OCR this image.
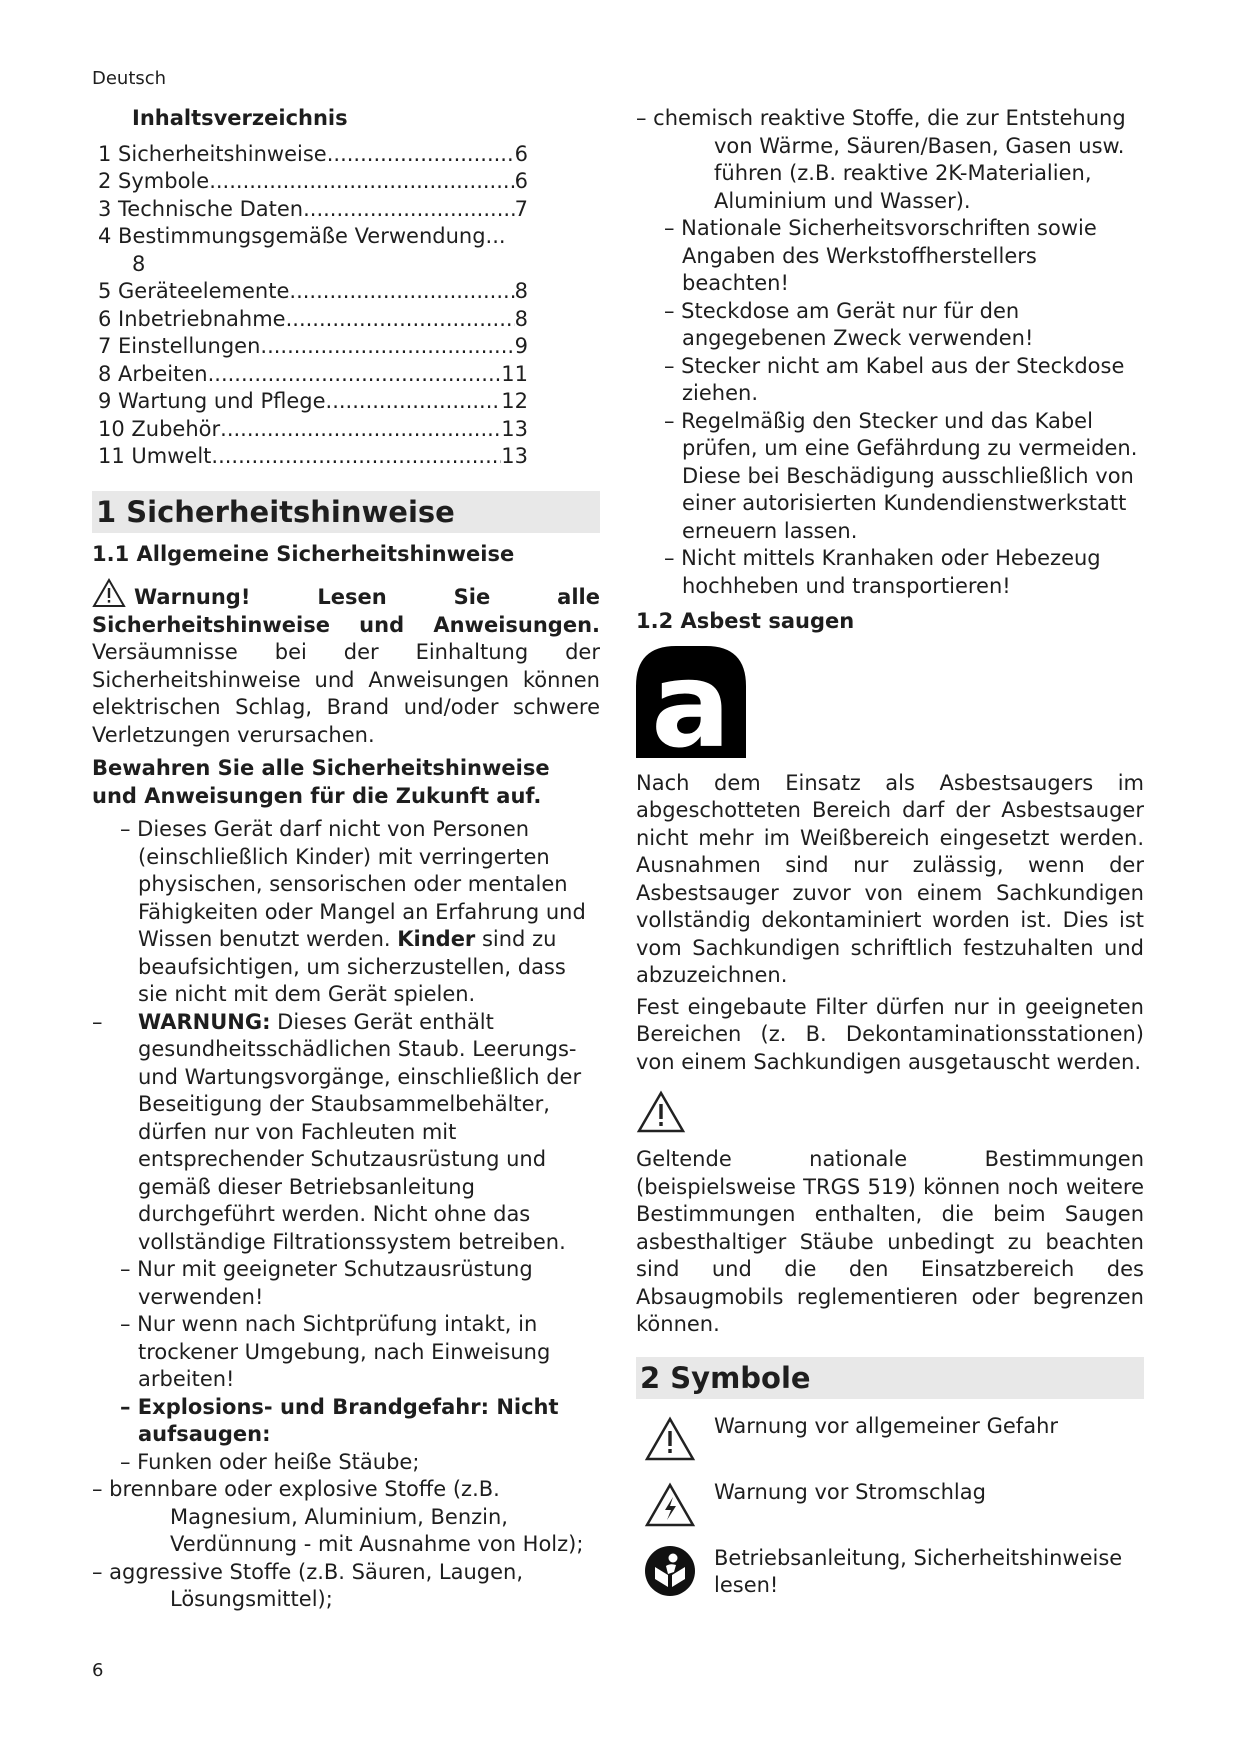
Deutsch
Inhaltsverzeichnis
1 Sicherheitshinweise .....	6
2 Symbole .....	6
3 Technische Daten .....	7
4 Bestimmungsgemäße Verwendung...
8
5 Geräteelemente .....	8
6 Inbetriebnahme .....	8
7 Einstellungen .....	9
8 Arbeiten .....	11
9 Wartung und Pflege .....	12
10 Zubehör .....	13
11 Umwelt .....	13
1 Sicherheitshinweise
1.1 Allgemeine Sicherheitshinweise

Warnung! Lesen Sie alle Sicherheitshinweise und Anweisungen. Versäumnisse bei der Einhaltung der Sicherheitshinweise und Anweisungen können elektrischen Schlag, Brand und/oder schwere Verletzungen verursachen.

Bewahren Sie alle Sicherheitshinweise und Anweisungen für die Zukunft auf.

– Dieses Gerät darf nicht von Personen (einschließlich Kinder) mit verringerten physischen, sensorischen oder mentalen Fähigkeiten oder Mangel an Erfahrung und Wissen benutzt werden. Kinder sind zu beaufsichtigen, um sicherzustellen, dass sie nicht mit dem Gerät spielen.

–	WARNUNG: Dieses Gerät enthält gesundheitsschädlichen Staub. Leerungs- und Wartungsvorgänge, einschließlich der Beseitigung der Staubsammelbehälter, dürfen nur von Fachleuten mit entsprechender Schutzausrüstung und gemäß dieser Betriebsanleitung durchgeführt werden. Nicht ohne das vollständige Filtrationssystem betreiben.

– Nur mit geeigneter Schutzausrüstung verwenden!

– Nur wenn nach Sichtprüfung intakt, in trockener Umgebung, nach Einweisung arbeiten!

– Explosions- und Brandgefahr: Nicht aufsaugen:

– Funken oder heiße Stäube;

– brennbare oder explosive Stoffe (z.B. Magnesium, Aluminium, Benzin, Verdünnung - mit Ausnahme von Holz);

– aggressive Stoffe (z.B. Säuren, Laugen, Lösungsmittel);

– chemisch reaktive Stoffe, die zur Entstehung von Wärme, Säuren/Basen, Gasen usw. führen (z.B. reaktive 2K-Materialien, Aluminium und Wasser).

– Nationale Sicherheitsvorschriften sowie Angaben des Werkstoffherstellers beachten!

– Steckdose am Gerät nur für den angegebenen Zweck verwenden!

– Stecker nicht am Kabel aus der Steckdose ziehen.

– Regelmäßig den Stecker und das Kabel prüfen, um eine Gefährdung zu vermeiden. Diese bei Beschädigung ausschließlich von einer autorisierten Kundendienstwerkstatt erneuern lassen.

– Nicht mittels Kranhaken oder Hebezeug hochheben und transportieren!

1.2 Asbest saugen
a

Nach dem Einsatz als Asbestsaugers im abgeschotteten Bereich darf der Asbestsauger nicht mehr im Weißbereich eingesetzt werden. Ausnahmen sind nur zulässig, wenn der Asbestsauger zuvor von einem Sachkundigen vollständig dekontaminiert worden ist. Dies ist vom Sachkundigen schriftlich festzuhalten und abzuzeichnen.

Fest eingebaute Filter dürfen nur in geeigneten Bereichen (z. B. Dekontaminationsstationen) von einem Sachkundigen ausgetauscht werden.

Geltende nationale Bestimmungen (beispielsweise TRGS 519) können noch weitere Bestimmungen enthalten, die beim Saugen asbesthaltiger Stäube unbedingt zu beachten sind und die den Einsatzbereich des Absaugmobils reglementieren oder begrenzen können.

2 Symbole
Warnung vor allgemeiner Gefahr
Warnung vor Stromschlag
Betriebsanleitung, Sicherheitshinweise lesen!
6
